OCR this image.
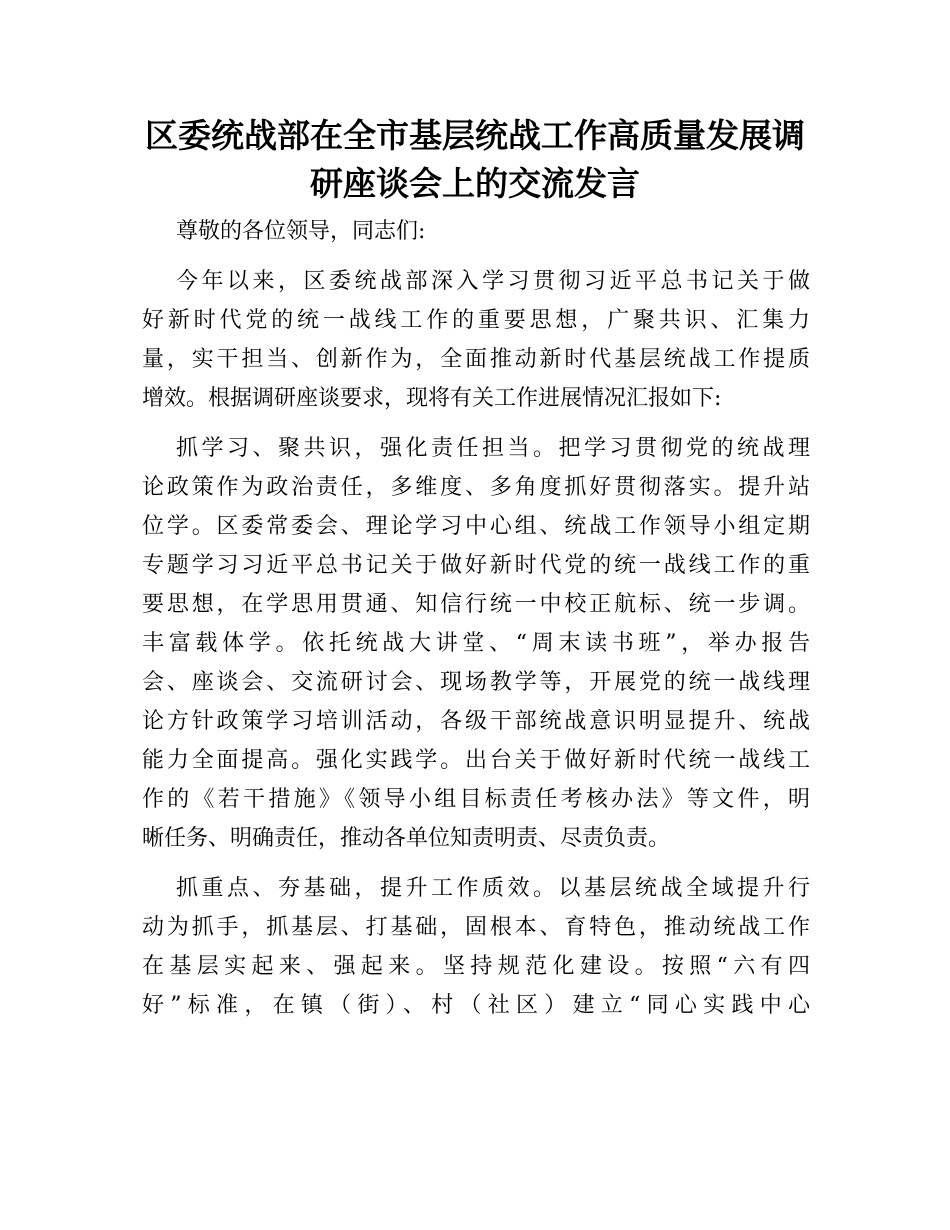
区委统战部在全市基层统战工作高质量发展调
研座谈会上的交流发言

尊敬的各位领导，同志们:

今年以来，区委统战部深入学习贯彻习近平总书记关于做
好新时代党的统一战线工作的重要思想，广聚共识、汇集力
量，实干担当、创新作为，全面推动新时代基层统战工作提质
增效。根据调研座谈要求，现将有关工作进展情况汇报如下:

抓学习、聚共识，强化责任担当。把学习贯彻党的统战理
论政策作为政治责任，多维度、多角度抓好贯彻落实。提升站
位学。区委常委会、理论学习中心组、统战工作领导小组定期
专题学习习近平总书记关于做好新时代党的统一战线工作的重
要思想，在学思用贯通、知信行统一中校正航标、统一步调。
丰富载体学。依托统战大讲堂、“周末读书班”，举办报告
会、座谈会、交流研讨会、现场教学等，开展党的统一战线理
论方针政策学习培训活动，各级干部统战意识明显提升、统战
能力全面提高。强化实践学。出台关于做好新时代统一战线工
作的《若干措施》《领导小组目标责任考核办法》等文件，明
晰任务、明确责任，推动各单位知责明责、尽责负责。

抓重点、夯基础，提升工作质效。以基层统战全域提升行
动为抓手，抓基层、打基础，固根本、育特色，推动统战工作
在基层实起来、强起来。坚持规范化建设。按照“六有四
好”标准，在镇（街）、村（社区）建立“同心实践中心
